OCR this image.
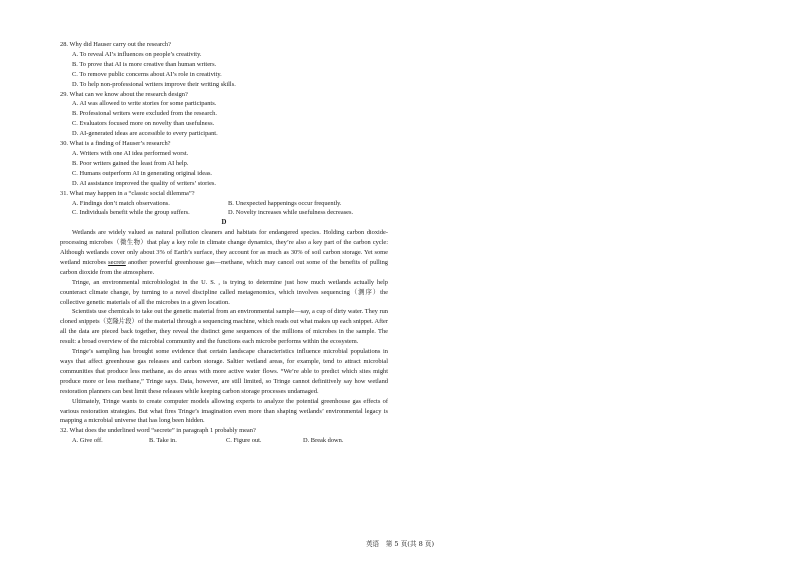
28. Why did Hauser carry out the research?

A. To reveal AI’s influences on people’s creativity.

B. To prove that AI is more creative than human writers.

C. To remove public concerns about AI’s role in creativity.

D. To help non-professional writers improve their writing skills.

29. What can we know about the research design?

A. AI was allowed to write stories for some participants.

B. Professional writers were excluded from the research.

C. Evaluators focused more on novelty than usefulness.

D. AI-generated ideas are accessible to every participant.

30. What is a finding of Hauser’s research?

A. Writers with one AI idea performed worst.

B. Poor writers gained the least from AI help.

C. Humans outperform AI in generating original ideas.

D. AI assistance improved the quality of writers’ stories.

31. What may happen in a “classic social dilemma”?

A. Findings don’t match observations.	B. Unexpected happenings occur frequently.
C. Individuals benefit while the group suffers.	D. Novelty increases while usefulness decreases.

D

Wetlands are widely valued as natural pollution cleaners and habitats for endangered species. Holding carbon dioxide-processing microbes（微生物）that play a key role in climate change dynamics, they’re also a key part of the carbon cycle: Although wetlands cover only about 3% of Earth’s surface, they account for as much as 30% of soil carbon storage. Yet some wetland microbes secrete another powerful greenhouse gas—methane, which may cancel out some of the benefits of pulling carbon dioxide from the atmosphere.

Tringe, an environmental microbiologist in the U. S. , is trying to determine just how much wetlands actually help counteract climate change, by turning to a novel discipline called metagenomics, which involves sequencing（测序）the collective genetic materials of all the microbes in a given location.

Scientists use chemicals to take out the genetic material from an environmental sample—say, a cup of dirty water. They run cloned snippets（克隆片段）of the material through a sequencing machine, which reads out what makes up each snippet. After all the data are pieced back together, they reveal the distinct gene sequences of the millions of microbes in the sample. The result: a broad overview of the microbial community and the functions each microbe performs within the ecosystem.

Tringe’s sampling has brought some evidence that certain landscape characteristics influence microbial populations in ways that affect greenhouse gas releases and carbon storage. Saltier wetland areas, for example, tend to attract microbial communities that produce less methane, as do areas with more active water flows. “We’re able to predict which sites might produce more or less methane,” Tringe says. Data, however, are still limited, so Tringe cannot definitively say how wetland restoration planners can best limit these releases while keeping carbon storage processes undamaged.

Ultimately, Tringe wants to create computer models allowing experts to analyze the potential greenhouse gas effects of various restoration strategies. But what fires Tringe’s imagination even more than shaping wetlands’ environmental legacy is mapping a microbial universe that has long been hidden.

32. What does the underlined word “secrete” in paragraph 1 probably mean?

A. Give off.	B. Take in.	C. Figure out.	D. Break down.
英语　第 5 页(共 8 页)
